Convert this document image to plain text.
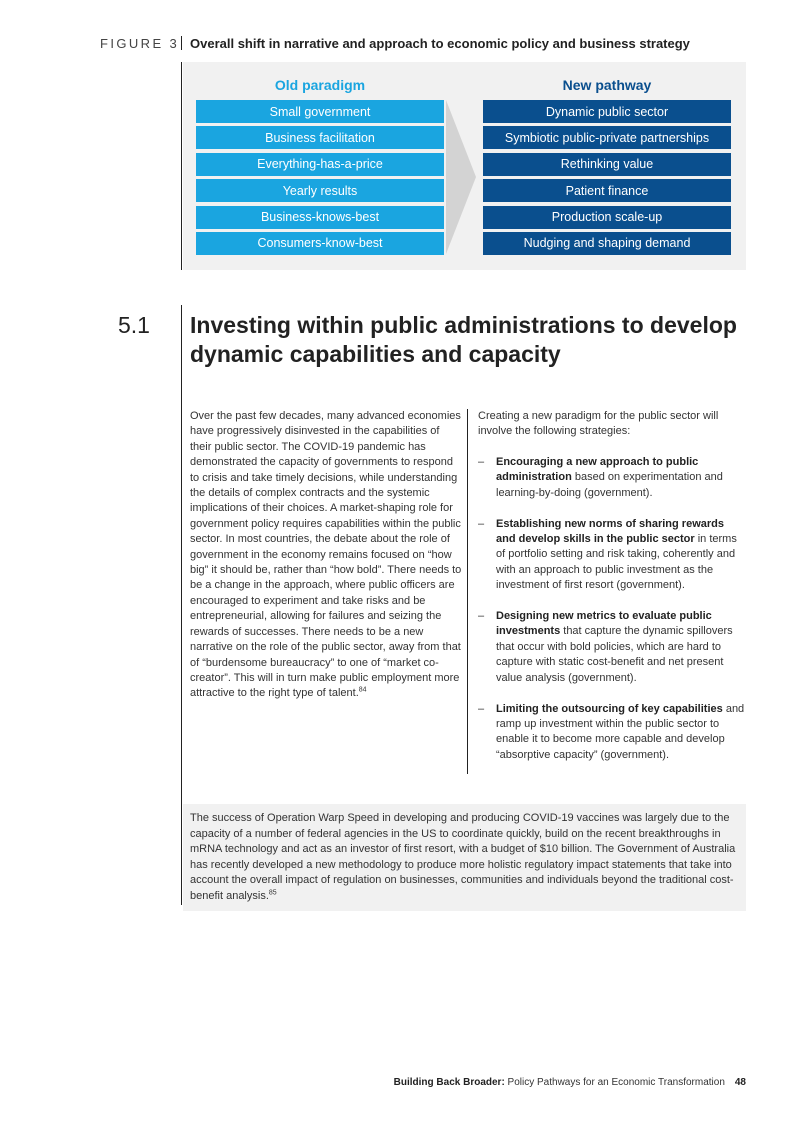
FIGURE 3 Overall shift in narrative and approach to economic policy and business strategy
Old paradigm	New pathway
Small government
Business facilitation
Everything-has-a-price
Yearly results
Business-knows-best
Consumers-know-best
Dynamic public sector
Symbiotic public-private partnerships
Rethinking value
Patient finance
Production scale-up
Nudging and shaping demand
5.1 Investing within public administrations to develop dynamic capabilities and capacity
Over the past few decades, many advanced economies have progressively disinvested in the capabilities of their public sector. The COVID-19 pandemic has demonstrated the capacity of governments to respond to crisis and take timely decisions, while understanding the details of complex contracts and the systemic implications of their choices. A market-shaping role for government policy requires capabilities within the public sector. In most countries, the debate about the role of government in the economy remains focused on “how big” it should be, rather than “how bold”. There needs to be a change in the approach, where public officers are encouraged to experiment and take risks and be entrepreneurial, allowing for failures and seizing the rewards of successes. There needs to be a new narrative on the role of the public sector, away from that of “burdensome bureaucracy” to one of “market co-creator”. This will in turn make public employment more attractive to the right type of talent.$^{84}$

Creating a new paradigm for the public sector will involve the following strategies:

– Encouraging a new approach to public administration based on experimentation and learning-by-doing (government).
– Establishing new norms of sharing rewards and develop skills in the public sector in terms of portfolio setting and risk taking, coherently and with an approach to public investment as the investment of first resort (government).
– Designing new metrics to evaluate public investments that capture the dynamic spillovers that occur with bold policies, which are hard to capture with static cost-benefit and net present value analysis (government).
– Limiting the outsourcing of key capabilities and ramp up investment within the public sector to enable it to become more capable and develop “absorptive capacity” (government).

The success of Operation Warp Speed in developing and producing COVID-19 vaccines was largely due to the capacity of a number of federal agencies in the US to coordinate quickly, build on the recent breakthroughs in mRNA technology and act as an investor of first resort, with a budget of $10 billion. The Government of Australia has recently developed a new methodology to produce more holistic regulatory impact statements that take into account the overall impact of regulation on businesses, communities and individuals beyond the traditional cost-benefit analysis.$^{85}$

Building Back Broader: Policy Pathways for an Economic Transformation 48
